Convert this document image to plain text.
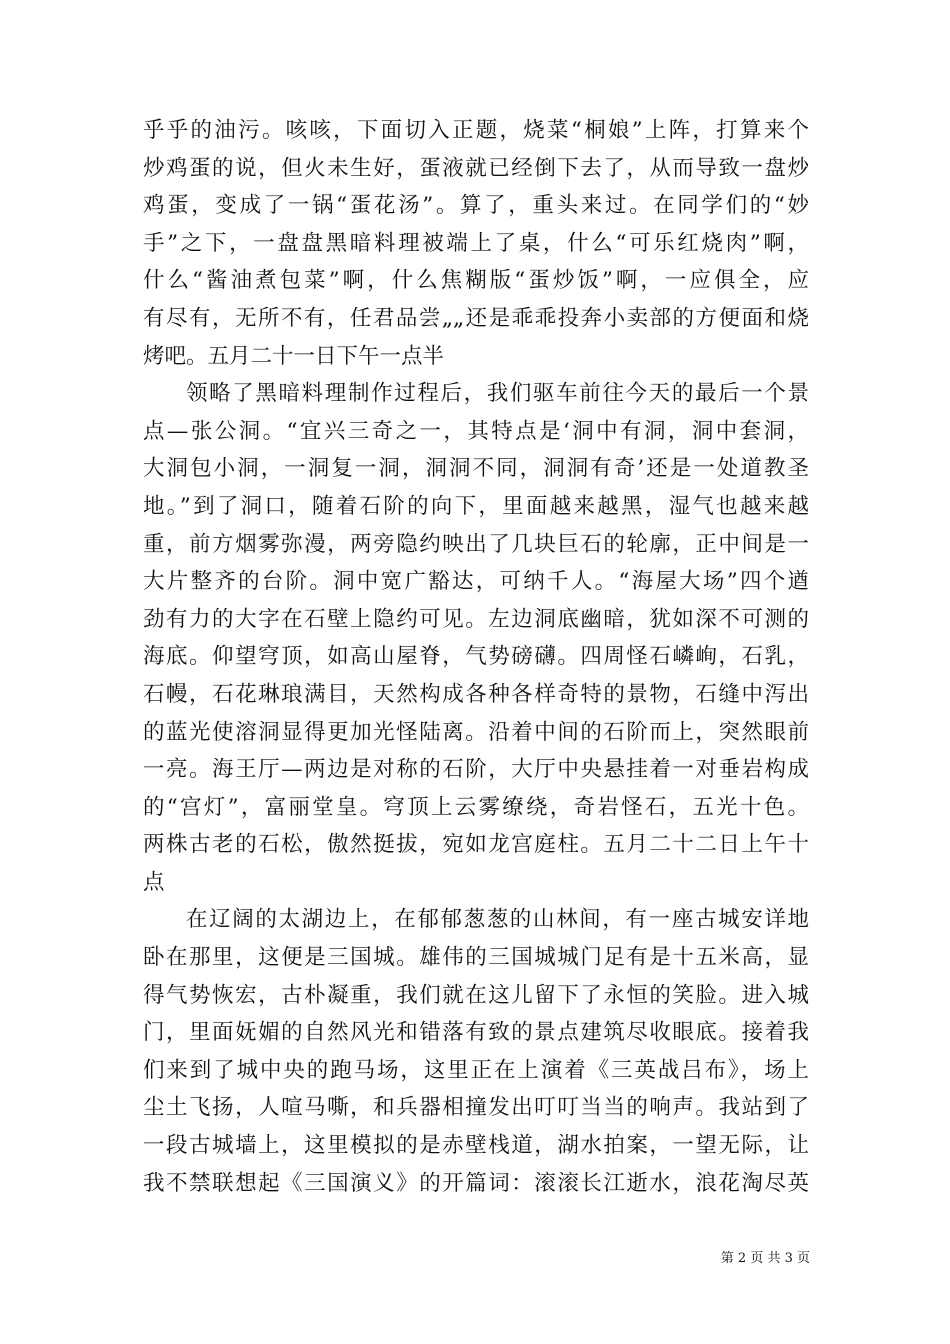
乎乎的油污。咳咳，下面切入正题，烧菜“桐娘”上阵，打算来个
炒鸡蛋的说，但火未生好，蛋液就已经倒下去了，从而导致一盘炒
鸡蛋，变成了一锅“蛋花汤”。算了，重头来过。在同学们的“妙
手”之下，一盘盘黑暗料理被端上了桌，什么“可乐红烧肉”啊，
什么“酱油煮包菜”啊，什么焦糊版“蛋炒饭”啊，一应俱全，应
有尽有，无所不有，任君品尝„„还是乖乖投奔小卖部的方便面和烧
烤吧。五月二十一日下午一点半
领略了黑暗料理制作过程后，我们驱车前往今天的最后一个景
点—张公洞。“宜兴三奇之一，其特点是‘洞中有洞，洞中套洞，
大洞包小洞，一洞复一洞，洞洞不同，洞洞有奇’还是一处道教圣
地。”到了洞口，随着石阶的向下，里面越来越黑，湿气也越来越
重，前方烟雾弥漫，两旁隐约映出了几块巨石的轮廓，正中间是一
大片整齐的台阶。洞中宽广豁达，可纳千人。“海屋大场”四个遒
劲有力的大字在石壁上隐约可见。左边洞底幽暗，犹如深不可测的
海底。仰望穹顶，如高山屋脊，气势磅礴。四周怪石嶙峋，石乳，
石幔，石花琳琅满目，天然构成各种各样奇特的景物，石缝中泻出
的蓝光使溶洞显得更加光怪陆离。沿着中间的石阶而上，突然眼前
一亮。海王厅—两边是对称的石阶，大厅中央悬挂着一对垂岩构成
的“宫灯”，富丽堂皇。穹顶上云雾缭绕，奇岩怪石，五光十色。
两株古老的石松，傲然挺拔，宛如龙宫庭柱。五月二十二日上午十
点
在辽阔的太湖边上，在郁郁葱葱的山林间，有一座古城安详地
卧在那里，这便是三国城。雄伟的三国城城门足有是十五米高，显
得气势恢宏，古朴凝重，我们就在这儿留下了永恒的笑脸。进入城
门，里面妩媚的自然风光和错落有致的景点建筑尽收眼底。接着我
们来到了城中央的跑马场，这里正在上演着《三英战吕布》，场上
尘土飞扬，人喧马嘶，和兵器相撞发出叮叮当当的响声。我站到了
一段古城墙上，这里模拟的是赤壁栈道，湖水拍案，一望无际，让
我不禁联想起《三国演义》的开篇词：滚滚长江逝水，浪花淘尽英
第 2 页 共 3 页
